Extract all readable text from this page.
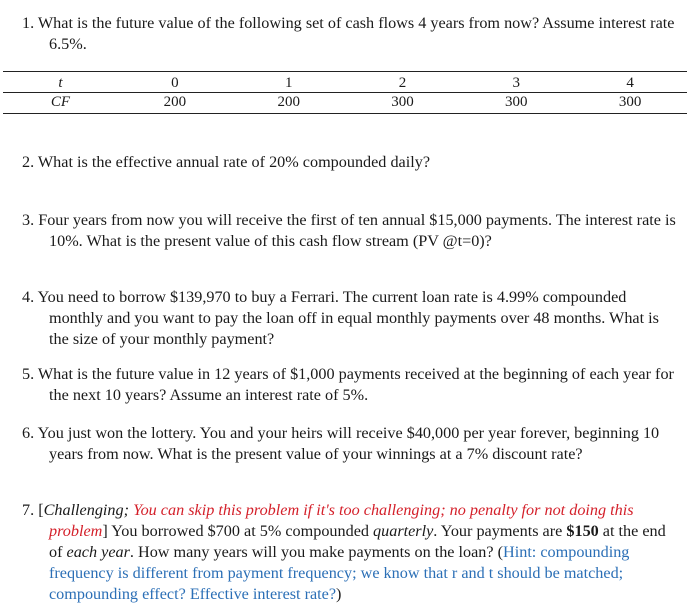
1. What is the future value of the following set of cash flows 4 years from now? Assume interest rate 6.5%.
t	0	1	2	3	4
CF	200	200	300	300	300
2. What is the effective annual rate of 20% compounded daily?
3. Four years from now you will receive the first of ten annual $15,000 payments. The interest rate is 10%. What is the present value of this cash flow stream (PV @t=0)?
4. You need to borrow $139,970 to buy a Ferrari. The current loan rate is 4.99% compounded monthly and you want to pay the loan off in equal monthly payments over 48 months. What is the size of your monthly payment?
5. What is the future value in 12 years of $1,000 payments received at the beginning of each year for the next 10 years? Assume an interest rate of 5%.
6. You just won the lottery. You and your heirs will receive $40,000 per year forever, beginning 10 years from now. What is the present value of your winnings at a 7% discount rate?
7. [Challenging; You can skip this problem if it's too challenging; no penalty for not doing this problem] You borrowed $700 at 5% compounded quarterly. Your payments are $150 at the end of each year. How many years will you make payments on the loan? (Hint: compounding frequency is different from payment frequency; we know that r and t should be matched; compounding effect? Effective interest rate?)
